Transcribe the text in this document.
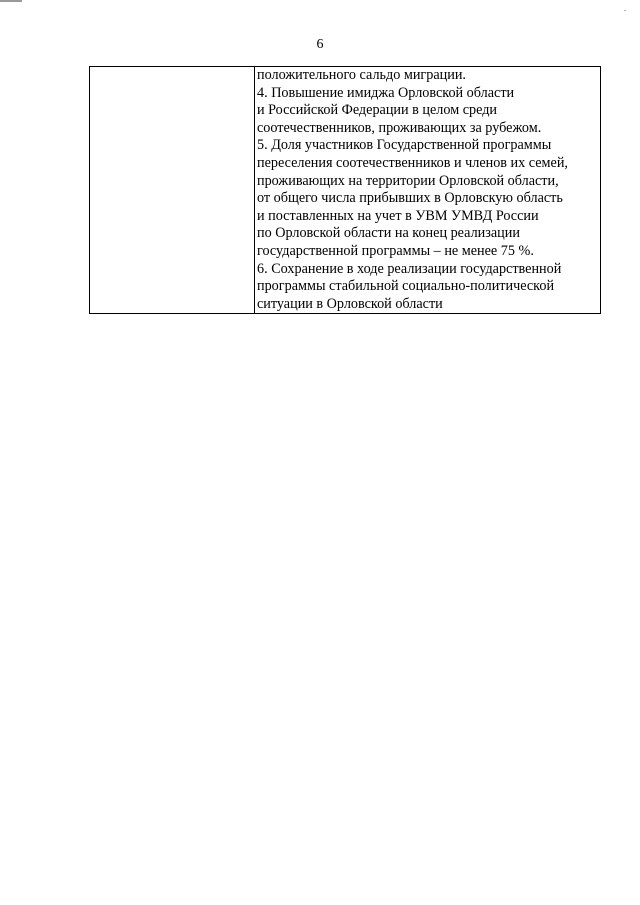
6

положительного сальдо миграции.
4. Повышение имиджа Орловской области
и Российской Федерации в целом среди
соотечественников, проживающих за рубежом.
5. Доля участников Государственной программы
переселения соотечественников и членов их семей,
проживающих на территории Орловской области,
от общего числа прибывших в Орловскую область
и поставленных на учет в УВМ УМВД России
по Орловской области на конец реализации
государственной программы – не менее 75 %.
6. Сохранение в ходе реализации государственной
программы стабильной социально-политической
ситуации в Орловской области
